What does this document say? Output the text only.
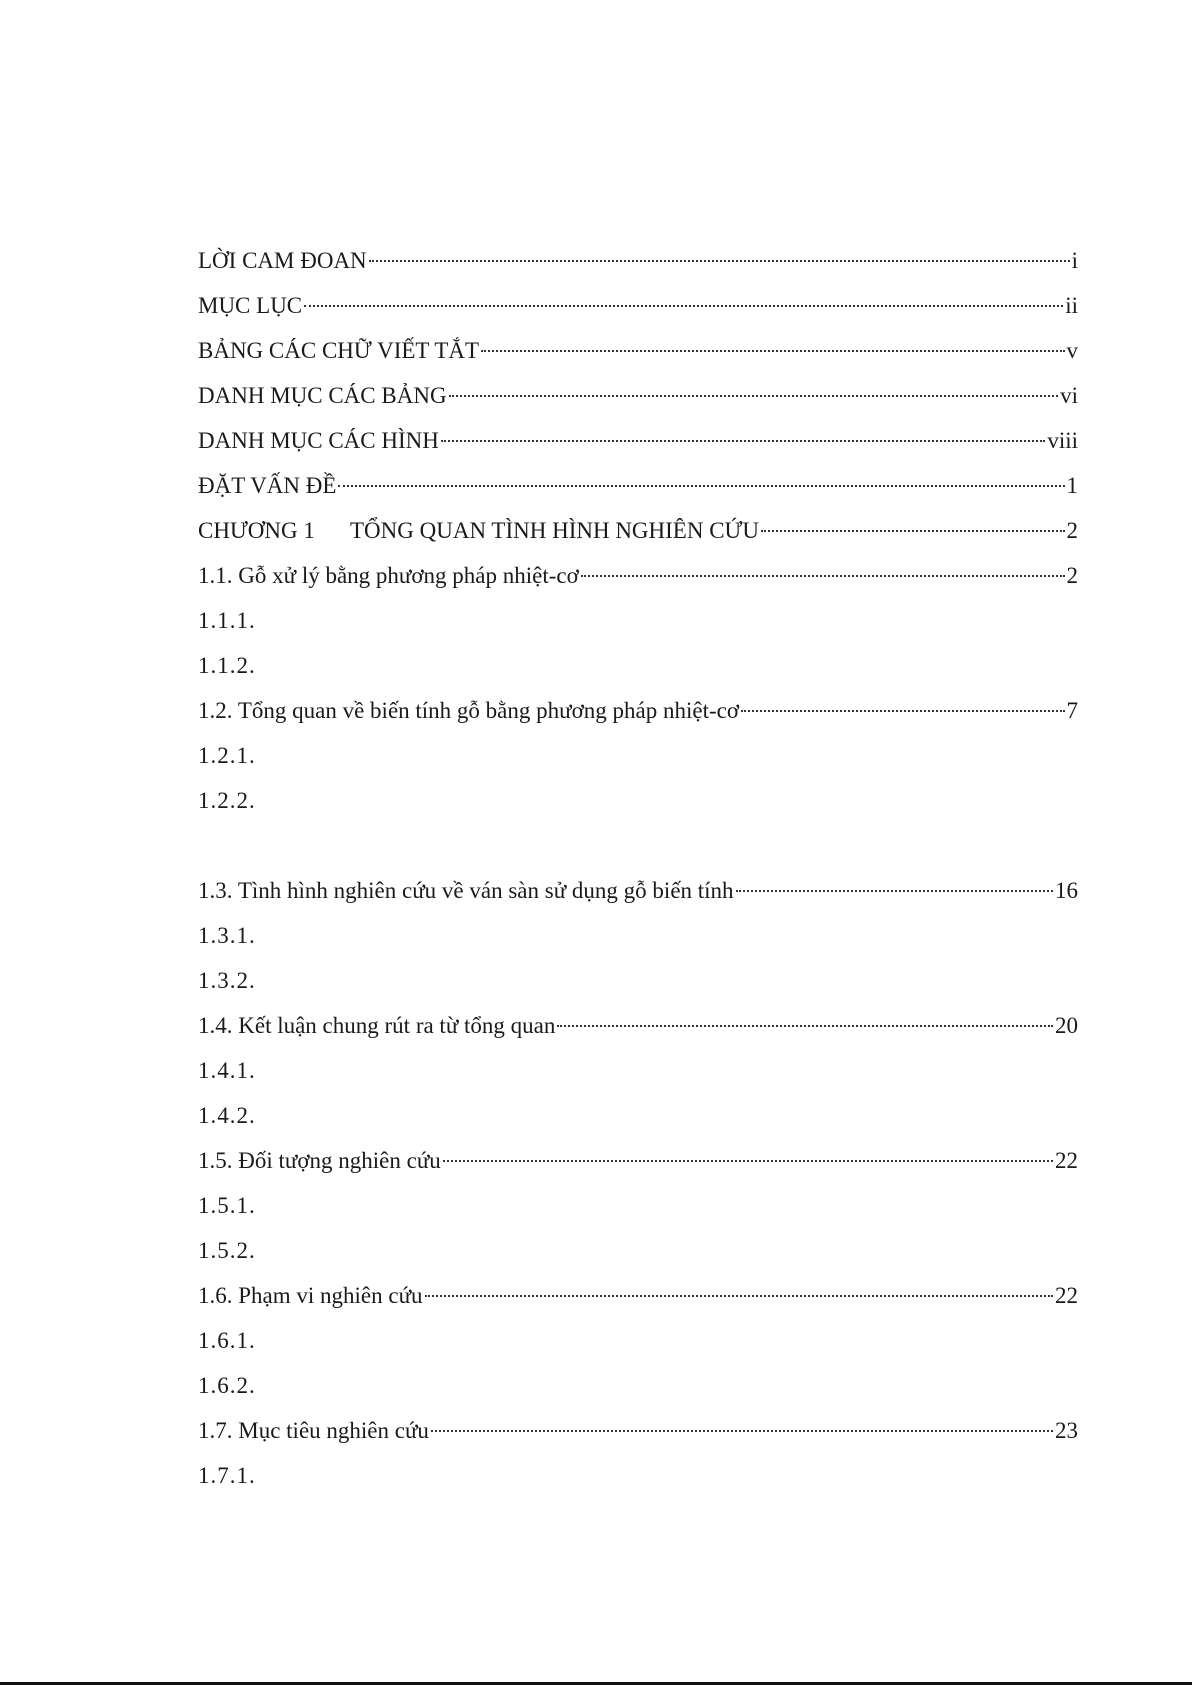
LỜI CAM ĐOAN	i
MỤC LỤC	ii
BẢNG CÁC CHỮ VIẾT TẮT	v
DANH MỤC CÁC BẢNG	vi
DANH MỤC CÁC HÌNH	viii
ĐẶT VẤN ĐỀ	1
CHƯƠNG 1 TỔNG QUAN TÌNH HÌNH NGHIÊN CỨU	2
1.1. Gỗ xử lý bằng phương pháp nhiệt-cơ	2
1.1.1.
1.1.2.
1.2. Tổng quan về biến tính gỗ bằng phương pháp nhiệt-cơ	7
1.2.1.
1.2.2.
1.3. Tình hình nghiên cứu về ván sàn sử dụng gỗ biến tính	16
1.3.1.
1.3.2.
1.4. Kết luận chung rút ra từ tổng quan	20
1.4.1.
1.4.2.
1.5. Đối tượng nghiên cứu	22
1.5.1.
1.5.2.
1.6. Phạm vi nghiên cứu	22
1.6.1.
1.6.2.
1.7. Mục tiêu nghiên cứu	23
1.7.1.
